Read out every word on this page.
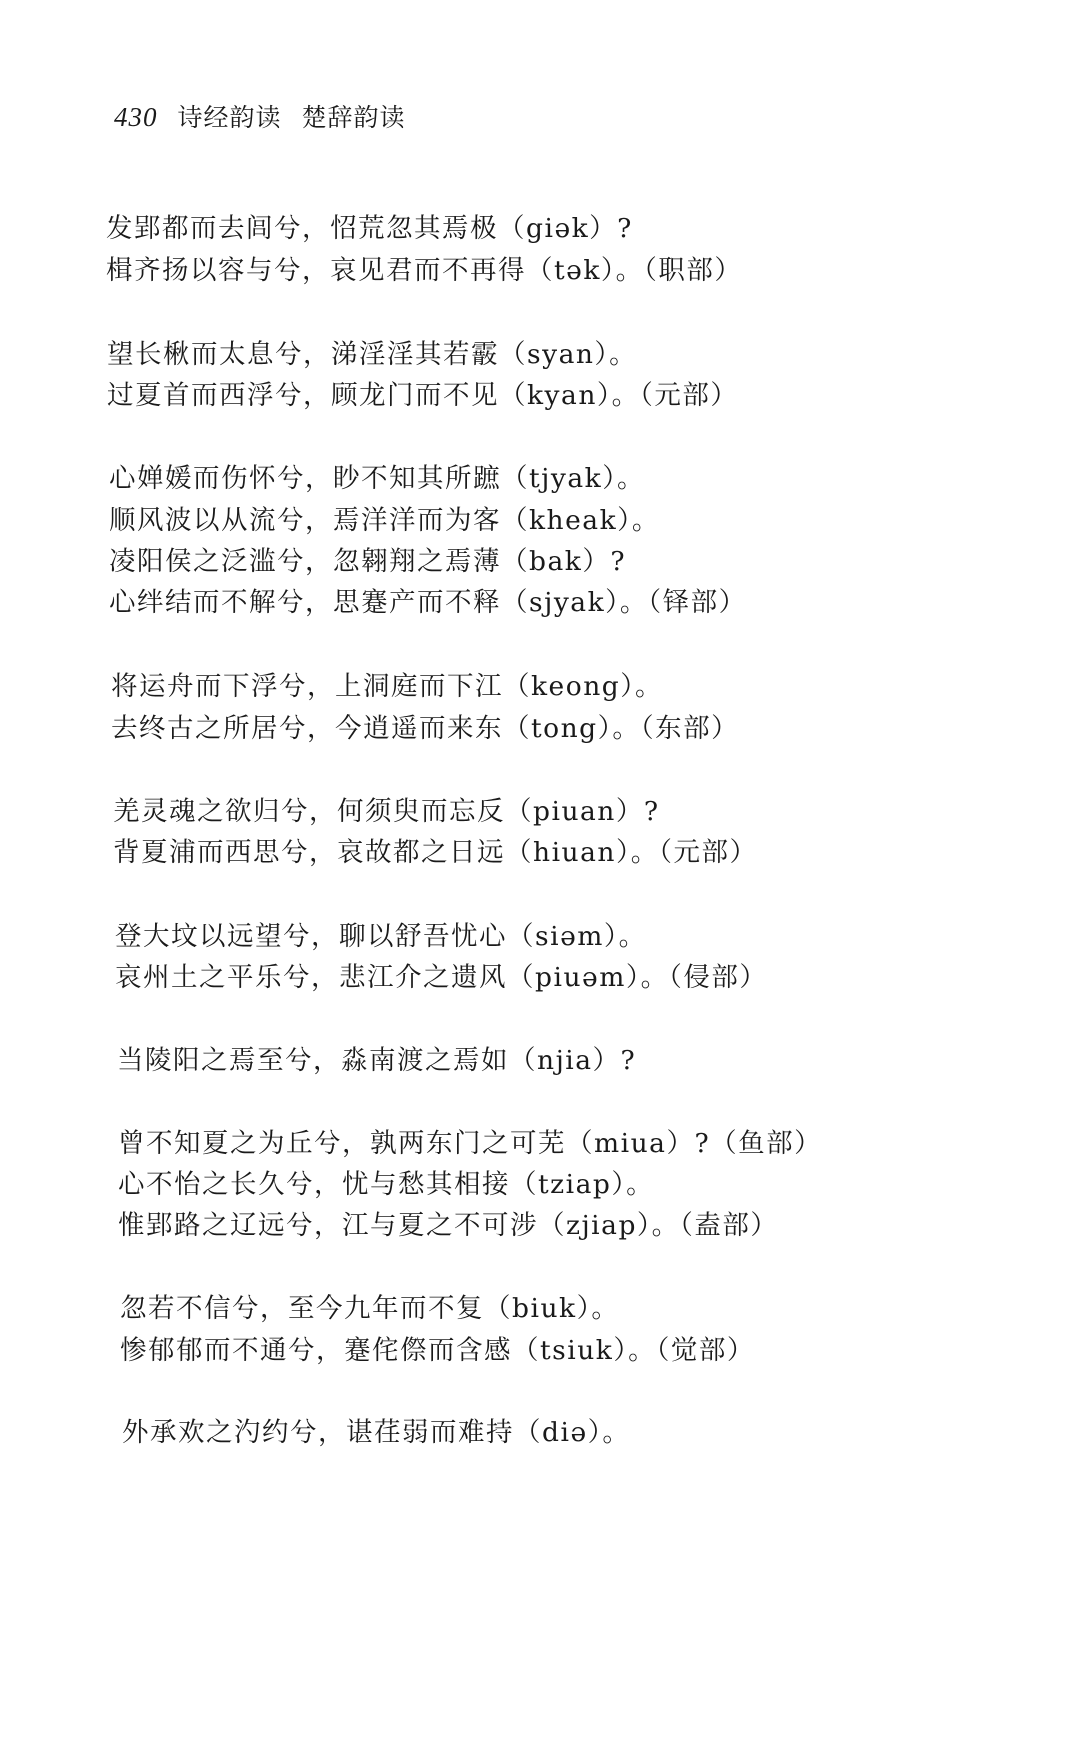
430 诗经韵读 楚辞韵读
发郢都而去闾兮，怊荒忽其焉极（giək）?
楫齐扬以容与兮，哀见君而不再得（tək）。（职部）
望长楸而太息兮，涕淫淫其若霰（syan）。
过夏首而西浮兮，顾龙门而不见（kyan）。（元部）
心婵媛而伤怀兮，眇不知其所蹠（tjyak）。
顺风波以从流兮，焉洋洋而为客（kheak）。
凌阳侯之泛滥兮，忽翱翔之焉薄（bak）?
心绊结而不解兮，思蹇产而不释（sjyak）。（铎部）
将运舟而下浮兮，上洞庭而下江（keong）。
去终古之所居兮，今逍遥而来东（tong）。（东部）
羌灵魂之欲归兮，何须臾而忘反（piuan）?
背夏浦而西思兮，哀故都之日远（hiuan）。（元部）
登大坟以远望兮，聊以舒吾忧心（siəm）。
哀州土之平乐兮，悲江介之遗风（piuəm）。（侵部）
当陵阳之焉至兮，淼南渡之焉如（njia）?
曾不知夏之为丘兮，孰两东门之可芜（miua）?（鱼部）
心不怡之长久兮，忧与愁其相接（tziap）。
惟郢路之辽远兮，江与夏之不可涉（zjiap）。（盍部）
忽若不信兮，至今九年而不复（biuk）。
惨郁郁而不通兮，蹇侘傺而含感（tsiuk）。（觉部）
外承欢之汋约兮，谌荏弱而难持（diə）。
